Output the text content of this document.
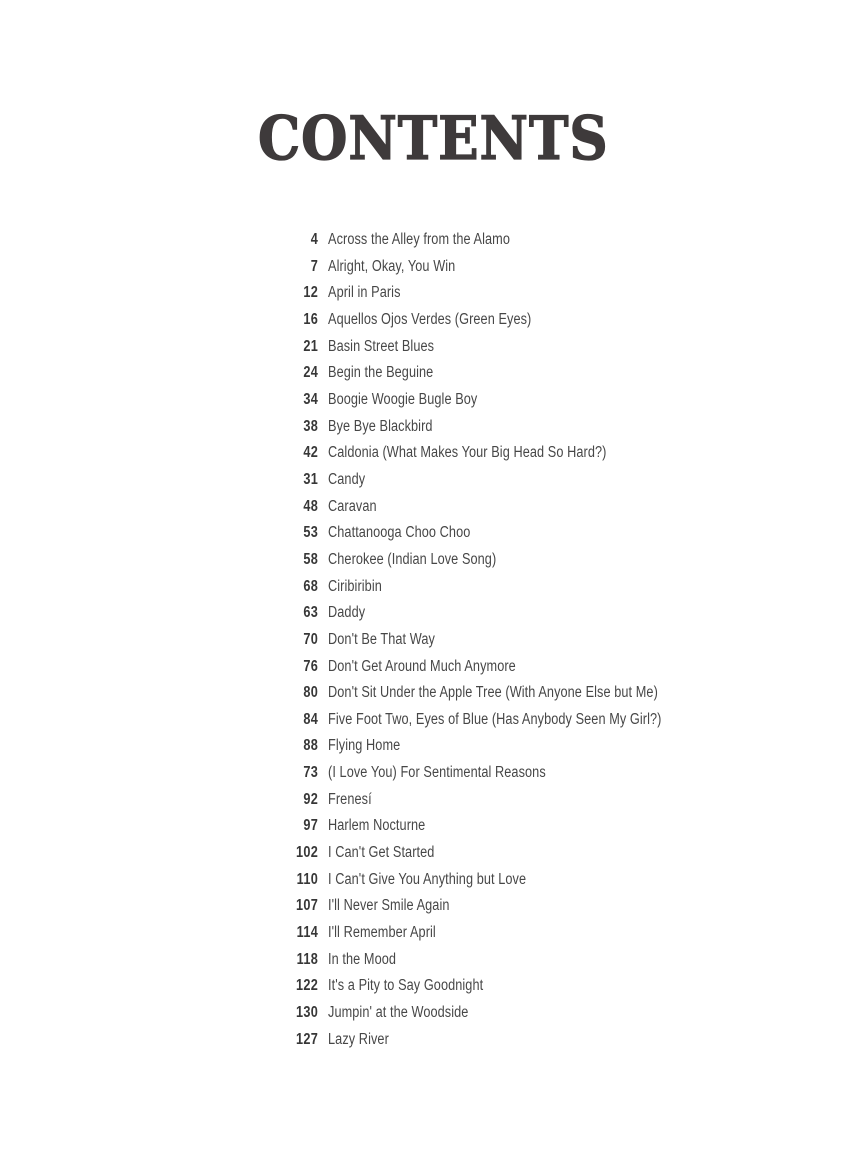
CONTENTS
4 Across the Alley from the Alamo
7 Alright, Okay, You Win
12 April in Paris
16 Aquellos Ojos Verdes (Green Eyes)
21 Basin Street Blues
24 Begin the Beguine
34 Boogie Woogie Bugle Boy
38 Bye Bye Blackbird
42 Caldonia (What Makes Your Big Head So Hard?)
31 Candy
48 Caravan
53 Chattanooga Choo Choo
58 Cherokee (Indian Love Song)
68 Ciribiribin
63 Daddy
70 Don't Be That Way
76 Don't Get Around Much Anymore
80 Don't Sit Under the Apple Tree (With Anyone Else but Me)
84 Five Foot Two, Eyes of Blue (Has Anybody Seen My Girl?)
88 Flying Home
73 (I Love You) For Sentimental Reasons
92 Frenesí
97 Harlem Nocturne
102 I Can't Get Started
110 I Can't Give You Anything but Love
107 I'll Never Smile Again
114 I'll Remember April
118 In the Mood
122 It's a Pity to Say Goodnight
130 Jumpin' at the Woodside
127 Lazy River
